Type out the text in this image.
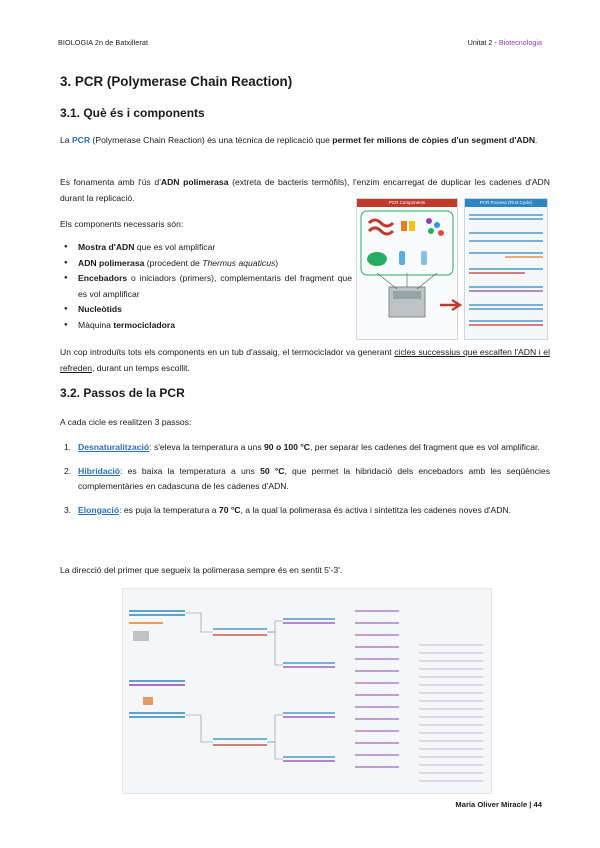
BIOLOGIA 2n de Batxillerat	Unitat 2 - Biotecnologia
3. PCR (Polymerase Chain Reaction)
3.1. Què és i components
La PCR (Polymerase Chain Reaction) és una tècnica de replicació que permet fer milions de còpies d'un segment d'ADN.
Es fonamenta amb l'ús d'ADN polimerasa (extreta de bacteris termòfils), l'enzim encarregat de duplicar les cadenes d'ADN durant la replicació.
Els components necessaris són:
● Mostra d'ADN que es vol amplificar
● ADN polimerasa (procedent de Thermus aquaticus)
● Encebadors o iniciadors (primers), complementaris del fragment que es vol amplificar
● Nucleòtids
● Màquina termocicladora
PCR Components	PCR Process (First Cycle)
Un cop introduïts tots els components en un tub d'assaig, el termociclador va generant cicles successius que escalfen l'ADN i el refreden, durant un temps escollit.
3.2. Passos de la PCR
A cada cicle es realitzen 3 passos:
1. Desnaturalització: s'eleva la temperatura a uns 90 o 100 °C, per separar les cadenes del fragment que es vol amplificar.
2. Hibridació: es baixa la temperatura a uns 50 °C, que permet la hibridació dels encebadors amb les seqüències complementàries en cadascuna de les cadenes d'ADN.
3. Elongació: es puja la temperatura a 70 °C, a la qual la polimerasa és activa i sintetitza les cadenes noves d'ADN.
La direcció del primer que segueix la polimerasa sempre és en sentit 5'-3'.
Maria Oliver Miracle | 44
